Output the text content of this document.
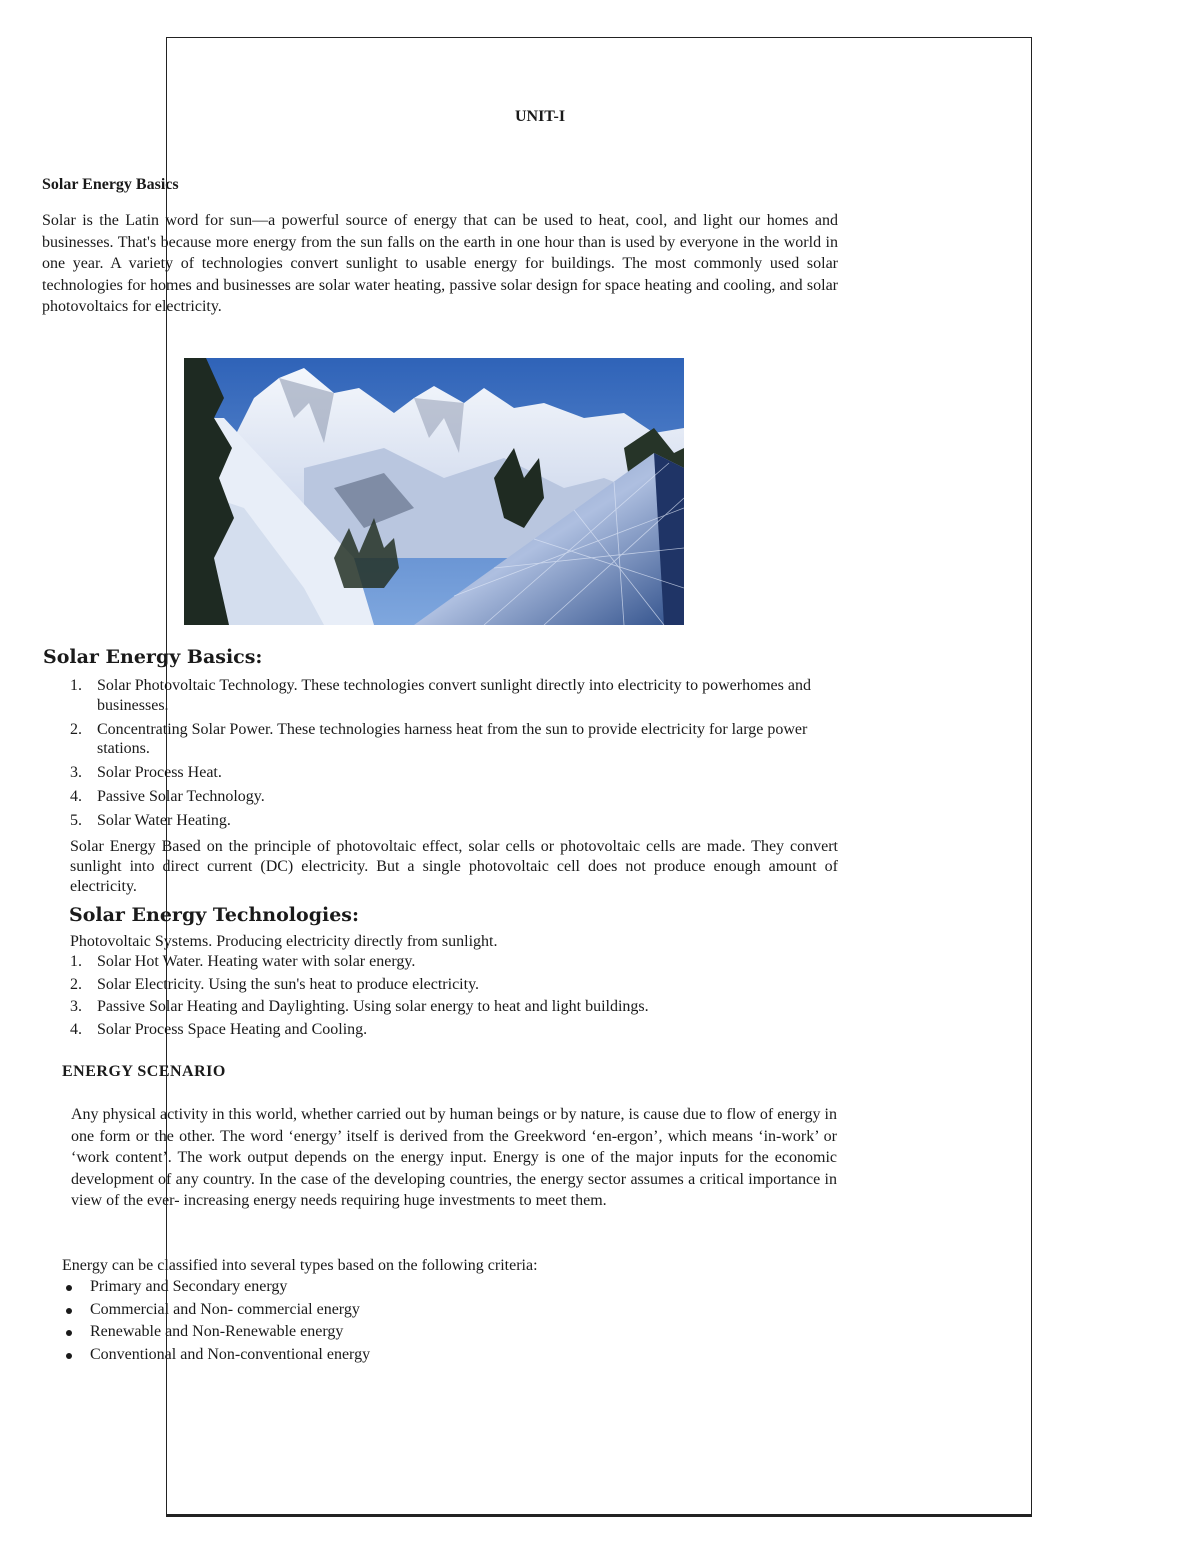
UNIT-I
Solar Energy Basics
Solar is the Latin word for sun—a powerful source of energy that can be used to heat, cool, and light our homes and businesses. That's because more energy from the sun falls on the earth in one hour than is used by everyone in the world in one year. A variety of technologies convert sunlight to usable energy for buildings. The most commonly used solar technologies for homes and businesses are solar water heating, passive solar design for space heating and cooling, and solar photovoltaics for electricity.
Solar Energy Basics:
1. Solar Photovoltaic Technology. These technologies convert sunlight directly into electricity to powerhomes and businesses.
2. Concentrating Solar Power. These technologies harness heat from the sun to provide electricity for large power stations.
3. Solar Process Heat.
4. Passive Solar Technology.
5. Solar Water Heating.
Solar Energy Based on the principle of photovoltaic effect, solar cells or photovoltaic cells are made. They convert sunlight into direct current (DC) electricity. But a single photovoltaic cell does not produce enough amount of electricity.
Solar Energy Technologies:
Photovoltaic Systems. Producing electricity directly from sunlight.
1. Solar Hot Water. Heating water with solar energy.
2. Solar Electricity. Using the sun's heat to produce electricity.
3. Passive Solar Heating and Daylighting. Using solar energy to heat and light buildings.
4. Solar Process Space Heating and Cooling.
ENERGY SCENARIO
Any physical activity in this world, whether carried out by human beings or by nature, is cause due to flow of energy in one form or the other. The word ‘energy’ itself is derived from the Greekword ‘en-ergon’, which means ‘in-work’ or ‘work content’. The work output depends on the energy input. Energy is one of the major inputs for the economic development of any country. In the case of the developing countries, the energy sector assumes a critical importance in view of the ever- increasing energy needs requiring huge investments to meet them.
Energy can be classified into several types based on the following criteria:
Primary and Secondary energy
Commercial and Non- commercial energy
Renewable and Non-Renewable energy
Conventional and Non-conventional energy
